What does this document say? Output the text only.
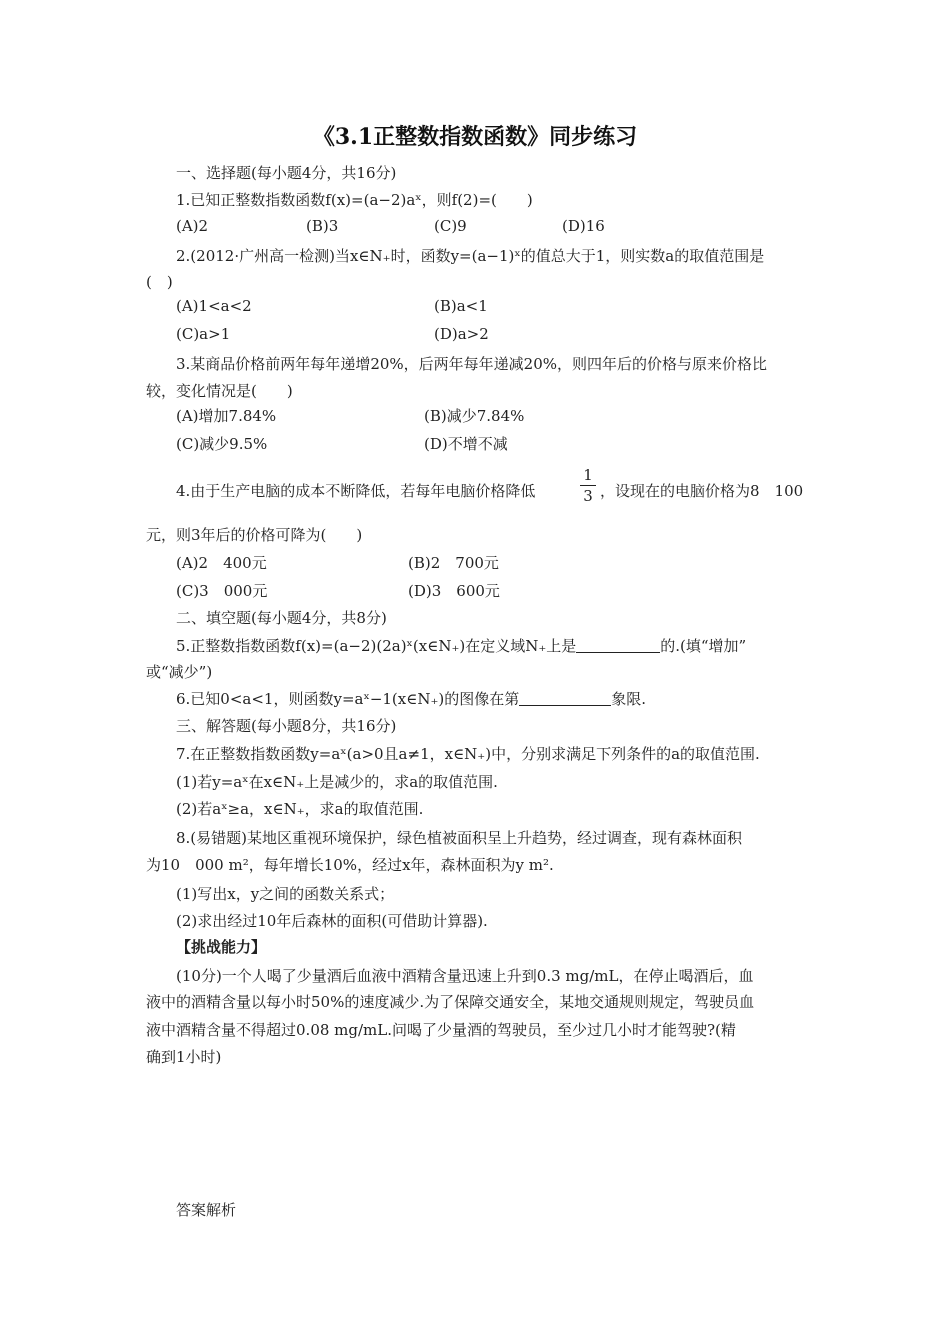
《3.1正整数指数函数》同步练习
一、选择题(每小题4分，共16分)
1.已知正整数指数函数f(x)=(a−2)aˣ，则f(2)=(　　)
(A)2	(B)3	(C)9	(D)16
2.(2012·广州高一检测)当x∈N₊时，函数y=(a−1)ˣ的值总大于1，则实数a的取值范围是
(　)
(A)1<a<2	(B)a<1
(C)a>1	(D)a>2
3.某商品价格前两年每年递增20%，后两年每年递减20%，则四年后的价格与原来价格比
较，变化情况是(　　)
(A)增加7.84%	(B)减少7.84%
(C)减少9.5%	(D)不增不减
4.由于生产电脑的成本不断降低，若每年电脑价格降低
1
3 ，设现在的电脑价格为8　100
元，则3年后的价格可降为(　　)
(A)2　400元	(B)2　700元
(C)3　000元	(D)3　600元
二、填空题(每小题4分，共8分)
5.正整数指数函数f(x)=(a−2)(2a)ˣ(x∈N₊)在定义域N₊上是	的.(填“增加”
或“减少”)
6.已知0<a<1，则函数y=aˣ−1(x∈N₊)的图像在第	象限.
三、解答题(每小题8分，共16分)
7.在正整数指数函数y=aˣ(a>0且a≠1，x∈N₊)中，分别求满足下列条件的a的取值范围.
(1)若y=aˣ在x∈N₊上是减少的，求a的取值范围.
(2)若aˣ≥a，x∈N₊，求a的取值范围.
8.(易错题)某地区重视环境保护，绿色植被面积呈上升趋势，经过调查，现有森林面积
为10　000 m²，每年增长10%，经过x年，森林面积为y m².
(1)写出x，y之间的函数关系式；
(2)求出经过10年后森林的面积(可借助计算器).
【挑战能力】
(10分)一个人喝了少量酒后血液中酒精含量迅速上升到0.3 mg/mL，在停止喝酒后，血
液中的酒精含量以每小时50%的速度减少.为了保障交通安全，某地交通规则规定，驾驶员血
液中酒精含量不得超过0.08 mg/mL.问喝了少量酒的驾驶员，至少过几小时才能驾驶?(精
确到1小时)
答案解析
